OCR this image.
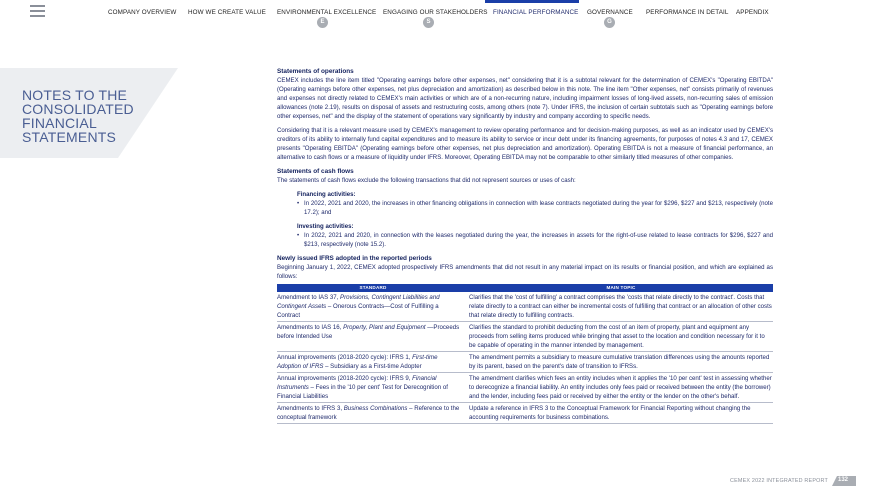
COMPANY OVERVIEW HOW WE CREATE VALUE ENVIRONMENTAL EXCELLENCE
E
ENGAGING OUR STAKEHOLDERS
S
FINANCIAL PERFORMANCE GOVERNANCE
G
PERFORMANCE IN DETAIL APPENDIX
NOTES TO THE CONSOLIDATED FINANCIAL STATEMENTS
Statements of operations
CEMEX includes the line item titled "Operating earnings before other expenses, net" considering that it is a subtotal relevant for the determination of CEMEX's "Operating EBITDA" (Operating earnings before other expenses, net plus depreciation and amortization) as described below in this note. The line item "Other expenses, net" consists primarily of revenues and expenses not directly related to CEMEX's main activities or which are of a non-recurring nature, including impairment losses of long-lived assets, non-recurring sales of emission allowances (note 2.19), results on disposal of assets and restructuring costs, among others (note 7). Under IFRS, the inclusion of certain subtotals such as "Operating earnings before other expenses, net" and the display of the statement of operations vary significantly by industry and company according to specific needs.
Considering that it is a relevant measure used by CEMEX's management to review operating performance and for decision-making purposes, as well as an indicator used by CEMEX's creditors of its ability to internally fund capital expenditures and to measure its ability to service or incur debt under its financing agreements, for purposes of notes 4.3 and 17, CEMEX presents "Operating EBITDA" (Operating earnings before other expenses, net plus depreciation and amortization). Operating EBITDA is not a measure of financial performance, an alternative to cash flows or a measure of liquidity under IFRS. Moreover, Operating EBITDA may not be comparable to other similarly titled measures of other companies.
Statements of cash flows
The statements of cash flows exclude the following transactions that did not represent sources or uses of cash:
Financing activities:
• In 2022, 2021 and 2020, the increases in other financing obligations in connection with lease contracts negotiated during the year for $296, $227 and $213, respectively (note 17.2); and
Investing activities:
• In 2022, 2021 and 2020, in connection with the leases negotiated during the year, the increases in assets for the right-of-use related to lease contracts for $296, $227 and $213, respectively (note 15.2).
Newly issued IFRS adopted in the reported periods
Beginning January 1, 2022, CEMEX adopted prospectively IFRS amendments that did not result in any material impact on its results or financial position, and which are explained as follows:
STANDARD	MAIN TOPIC
Amendment to IAS 37, Provisions, Contingent Liabilities and Contingent Assets – Onerous Contracts—Cost of Fulfilling a Contract	Clarifies that the 'cost of fulfilling' a contract comprises the 'costs that relate directly to the contract'. Costs that relate directly to a contract can either be incremental costs of fulfilling that contract or an allocation of other costs that relate directly to fulfilling contracts.
Amendments to IAS 16, Property, Plant and Equipment —Proceeds before Intended Use	Clarifies the standard to prohibit deducting from the cost of an item of property, plant and equipment any proceeds from selling items produced while bringing that asset to the location and condition necessary for it to be capable of operating in the manner intended by management.
Annual improvements (2018-2020 cycle): IFRS 1, First-time Adoption of IFRS – Subsidiary as a First-time Adopter	The amendment permits a subsidiary to measure cumulative translation differences using the amounts reported by its parent, based on the parent's date of transition to IFRSs.
Annual improvements (2018-2020 cycle): IFRS 9, Financial Instruments – Fees in the '10 per cent' Test for Derecognition of Financial Liabilities	The amendment clarifies which fees an entity includes when it applies the '10 per cent' test in assessing whether to derecognize a financial liability. An entity includes only fees paid or received between the entity (the borrower) and the lender, including fees paid or received by either the entity or the lender on the other's behalf.
Amendments to IFRS 3, Business Combinations – Reference to the conceptual framework	Update a reference in IFRS 3 to the Conceptual Framework for Financial Reporting without changing the accounting requirements for business combinations.
CEMEX 2022 INTEGRATED REPORT 132
